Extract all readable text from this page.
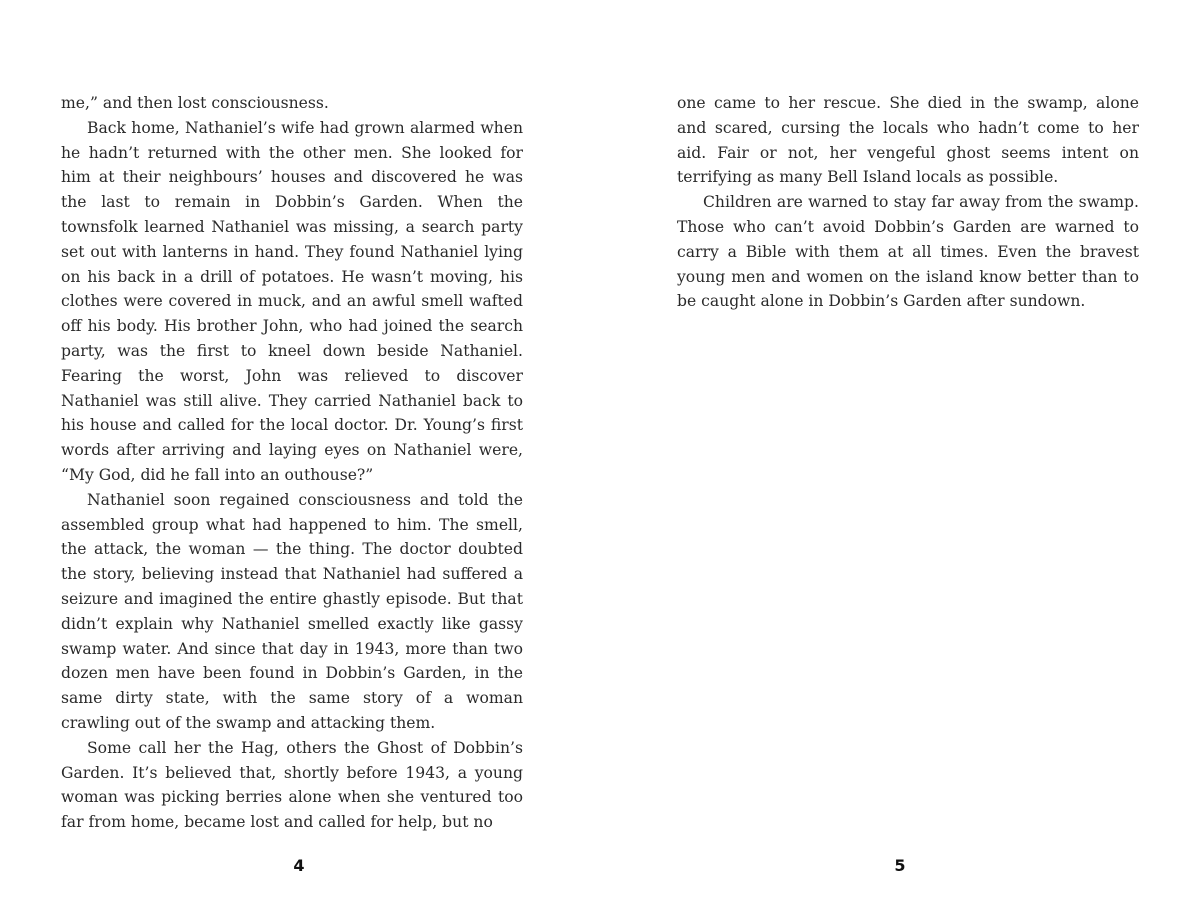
me,” and then lost consciousness.

Back home, Nathaniel’s wife had grown alarmed when he hadn’t returned with the other men. She looked for him at their neighbours’ houses and discovered he was the last to remain in Dobbin’s Garden. When the townsfolk learned Nathaniel was missing, a search party set out with lanterns in hand. They found Nathaniel lying on his back in a drill of potatoes. He wasn’t moving, his clothes were covered in muck, and an awful smell wafted off his body. His brother John, who had joined the search party, was the first to kneel down beside Nathaniel. Fearing the worst, John was relieved to discover Nathaniel was still alive. They carried Nathaniel back to his house and called for the local doctor. Dr. Young’s first words after arriving and laying eyes on Nathaniel were, “My God, did he fall into an outhouse?”

Nathaniel soon regained consciousness and told the assembled group what had happened to him. The smell, the attack, the woman — the thing. The doctor doubted the story, believing instead that Nathaniel had suffered a seizure and imagined the entire ghastly episode. But that didn’t explain why Nathaniel smelled exactly like gassy swamp water. And since that day in 1943, more than two dozen men have been found in Dobbin’s Garden, in the same dirty state, with the same story of a woman crawling out of the swamp and attacking them.

Some call her the Hag, others the Ghost of Dobbin’s Garden. It’s believed that, shortly before 1943, a young woman was picking berries alone when she ventured too far from home, became lost and called for help, but no

4

one came to her rescue. She died in the swamp, alone and scared, cursing the locals who hadn’t come to her aid. Fair or not, her vengeful ghost seems intent on terrifying as many Bell Island locals as possible.

Children are warned to stay far away from the swamp. Those who can’t avoid Dobbin’s Garden are warned to carry a Bible with them at all times. Even the bravest young men and women on the island know better than to be caught alone in Dobbin’s Garden after sundown.

5
